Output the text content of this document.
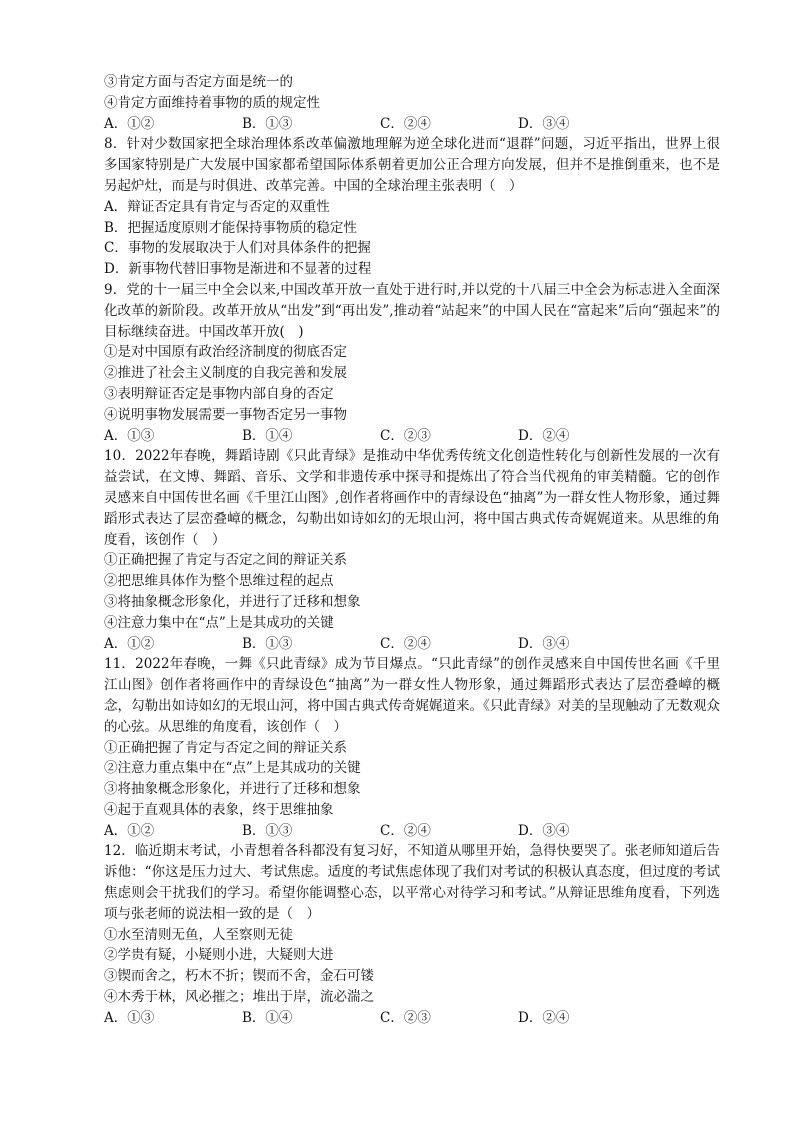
③肯定方面与否定方面是统一的
④肯定方面维持着事物的质的规定性
A．①②	B．①③	C．②④	D．③④
8．针对少数国家把全球治理体系改革偏激地理解为逆全球化进而“退群”问题，习近平指出，世界上很多国家特别是广大发展中国家都希望国际体系朝着更加公正合理方向发展，但并不是推倒重来，也不是另起炉灶，而是与时俱进、改革完善。中国的全球治理主张表明（　）
A．辩证否定具有肯定与否定的双重性
B．把握适度原则才能保持事物质的稳定性
C．事物的发展取决于人们对具体条件的把握
D．新事物代替旧事物是渐进和不显著的过程
9．党的十一届三中全会以来,中国改革开放一直处于进行时,并以党的十八届三中全会为标志进入全面深化改革的新阶段。改革开放从“出发”到“再出发”,推动着“站起来”的中国人民在“富起来”后向“强起来”的目标继续奋进。中国改革开放(　)
①是对中国原有政治经济制度的彻底否定
②推进了社会主义制度的自我完善和发展
③表明辩证否定是事物内部自身的否定
④说明事物发展需要一事物否定另一事物
A．①③	B．①④	C．②③	D．②④
10．2022年春晚，舞蹈诗剧《只此青绿》是推动中华优秀传统文化创造性转化与创新性发展的一次有益尝试，在文博、舞蹈、音乐、文学和非遗传承中探寻和提炼出了符合当代视角的审美精髓。它的创作灵感来自中国传世名画《千里江山图》,创作者将画作中的青绿设色“抽离”为一群女性人物形象，通过舞蹈形式表达了层峦叠嶂的概念，勾勒出如诗如幻的无垠山河，将中国古典式传奇娓娓道来。从思维的角度看，该创作（　）
①正确把握了肯定与否定之间的辩证关系
②把思维具体作为整个思维过程的起点
③将抽象概念形象化，并进行了迁移和想象
④注意力集中在“点”上是其成功的关键
A．①②	B．①③	C．②④	D．③④
11．2022年春晚，一舞《只此青绿》成为节目爆点。“只此青绿”的创作灵感来自中国传世名画《千里江山图》创作者将画作中的青绿设色“抽离”为一群女性人物形象，通过舞蹈形式表达了层峦叠嶂的概念，勾勒出如诗如幻的无垠山河，将中国古典式传奇娓娓道来。《只此青绿》对美的呈现触动了无数观众的心弦。从思维的角度看，该创作（　）
①正确把握了肯定与否定之间的辩证关系
②注意力重点集中在“点”上是其成功的关键
③将抽象概念形象化，并进行了迁移和想象
④起于直观具体的表象，终于思维抽象
A．①②	B．①③	C．②④	D．③④
12．临近期末考试，小青想着各科都没有复习好，不知道从哪里开始，急得快要哭了。张老师知道后告诉他：“你这是压力过大、考试焦虑。适度的考试焦虑体现了我们对考试的积极认真态度，但过度的考试焦虑则会干扰我们的学习。希望你能调整心态，以平常心对待学习和考试。”从辩证思维角度看，下列选项与张老师的说法相一致的是（　）
①水至清则无鱼，人至察则无徒
②学贵有疑，小疑则小进，大疑则大进
③锲而舍之，朽木不折；锲而不舍，金石可镂
④木秀于林，风必摧之；堆出于岸，流必湍之
A．①③	B．①④	C．②③	D．②④
